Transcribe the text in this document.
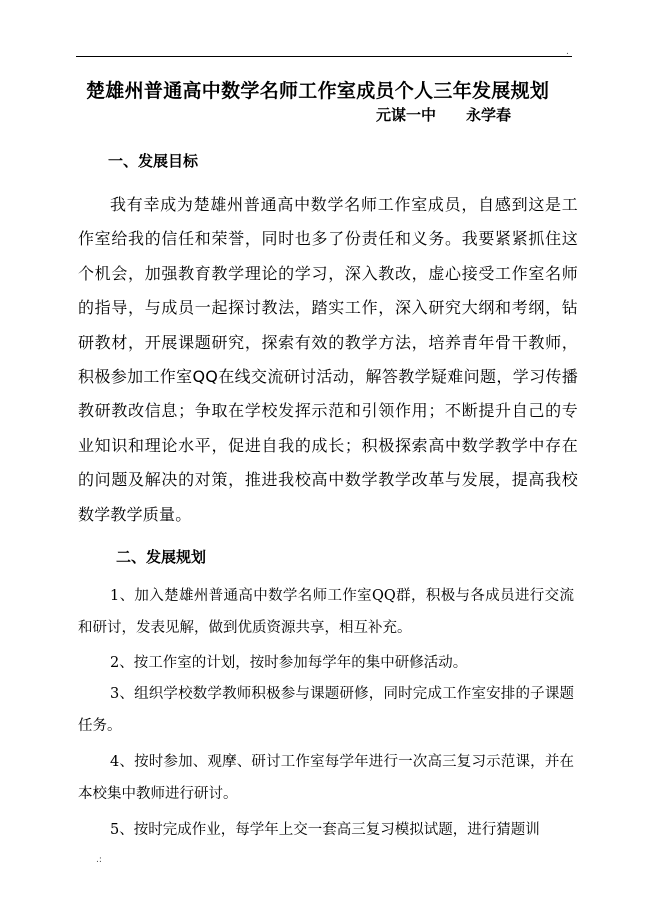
.
楚雄州普通高中数学名师工作室成员个人三年发展规划
元谋一中 永学春
一、发展目标

我有幸成为楚雄州普通高中数学名师工作室成员，自感到这是工作室给我的信任和荣誉，同时也多了份责任和义务。我要紧紧抓住这个机会，加强教育教学理论的学习，深入教改，虚心接受工作室名师的指导，与成员一起探讨教法，踏实工作，深入研究大纲和考纲，钻研教材，开展课题研究，探索有效的教学方法，培养青年骨干教师，积极参加工作室QQ在线交流研讨活动，解答教学疑难问题，学习传播教研教改信息；争取在学校发挥示范和引领作用；不断提升自己的专业知识和理论水平，促进自我的成长；积极探索高中数学教学中存在的问题及解决的对策，推进我校高中数学教学改革与发展，提高我校数学教学质量。

二、发展规划

1、加入楚雄州普通高中数学名师工作室QQ群，积极与各成员进行交流和研讨，发表见解，做到优质资源共享，相互补充。

2、按工作室的计划，按时参加每学年的集中研修活动。

3、组织学校数学教师积极参与课题研修，同时完成工作室安排的子课题任务。

4、按时参加、观摩、研讨工作室每学年进行一次高三复习示范课，并在本校集中教师进行研讨。

5、按时完成作业，每学年上交一套高三复习模拟试题，进行猜题训

.:
